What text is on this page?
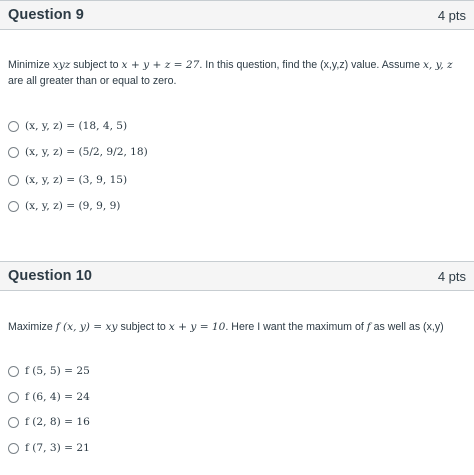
Question 9	4 pts
Minimize xyz subject to x + y + z = 27. In this question, find the (x,y,z) value. Assume x, y, z
are all greater than or equal to zero.
(x, y, z) = (18, 4, 5)
(x, y, z) = (5/2, 9/2, 18)
(x, y, z) = (3, 9, 15)
(x, y, z) = (9, 9, 9)
Question 10	4 pts
Maximize f (x, y) = xy subject to x + y = 10. Here I want the maximum of f as well as (x,y)
f (5, 5) = 25
f (6, 4) = 24
f (2, 8) = 16
f (7, 3) = 21
